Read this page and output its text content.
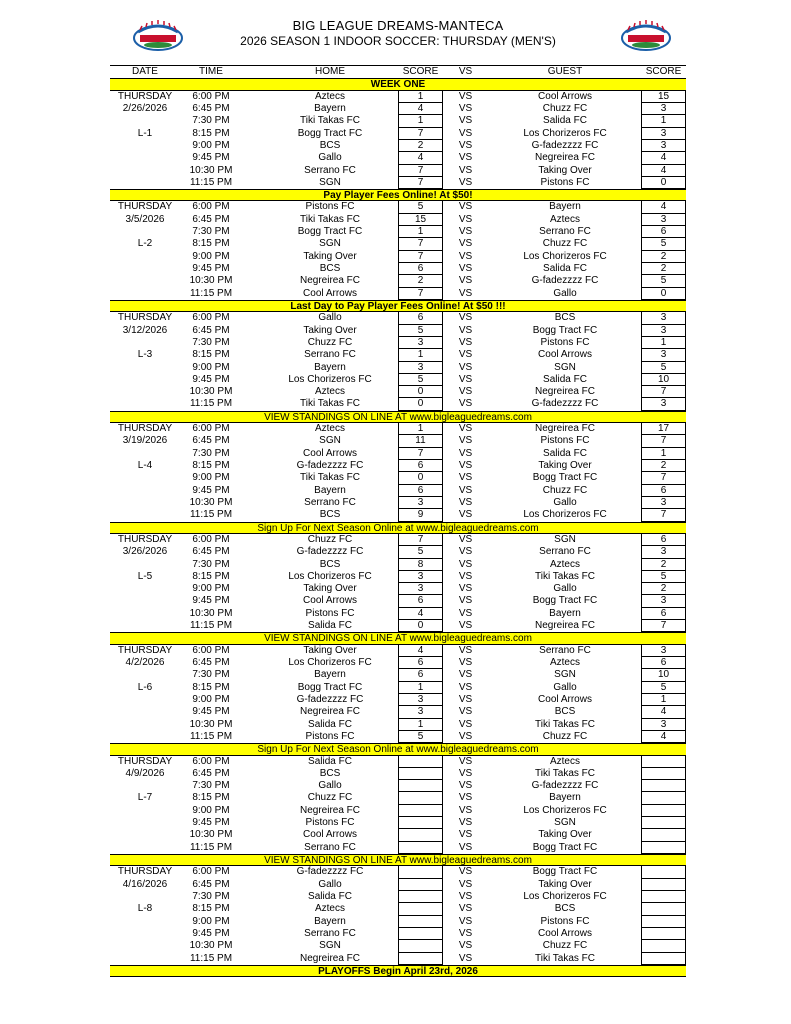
BIG LEAGUE DREAMS-MANTECA
2026 SEASON 1 INDOOR SOCCER: THURSDAY (MEN'S)
DATE	TIME	HOME	SCORE	VS	GUEST	SCORE
WEEK ONE
THURSDAY	6:00 PM	Aztecs	1	VS	Cool Arrows	15
2/26/2026	6:45 PM	Bayern	4	VS	Chuzz FC	3
7:30 PM	Tiki Takas FC	1	VS	Salida FC	1
L-1	8:15 PM	Bogg Tract FC	7	VS	Los Chorizeros FC	3
9:00 PM	BCS	2	VS	G-fadezzzz FC	3
9:45 PM	Gallo	4	VS	Negreirea FC	4
10:30 PM	Serrano FC	7	VS	Taking Over	4
11:15 PM	SGN	7	VS	Pistons FC	0
Pay Player Fees Online! At $50!
THURSDAY	6:00 PM	Pistons FC	5	VS	Bayern	4
3/5/2026	6:45 PM	Tiki Takas FC	15	VS	Aztecs	3
7:30 PM	Bogg Tract FC	1	VS	Serrano FC	6
L-2	8:15 PM	SGN	7	VS	Chuzz FC	5
9:00 PM	Taking Over	7	VS	Los Chorizeros FC	2
9:45 PM	BCS	6	VS	Salida FC	2
10:30 PM	Negreirea FC	2	VS	G-fadezzzz FC	5
11:15 PM	Cool Arrows	7	VS	Gallo	0
Last Day to Pay Player Fees Online! At $50 !!!
THURSDAY	6:00 PM	Gallo	6	VS	BCS	3
3/12/2026	6:45 PM	Taking Over	5	VS	Bogg Tract FC	3
7:30 PM	Chuzz FC	3	VS	Pistons FC	1
L-3	8:15 PM	Serrano FC	1	VS	Cool Arrows	3
9:00 PM	Bayern	3	VS	SGN	5
9:45 PM	Los Chorizeros FC	5	VS	Salida FC	10
10:30 PM	Aztecs	0	VS	Negreirea FC	7
11:15 PM	Tiki Takas FC	0	VS	G-fadezzzz FC	3
VIEW STANDINGS ON LINE AT www.bigleaguedreams.com
THURSDAY	6:00 PM	Aztecs	1	VS	Negreirea FC	17
3/19/2026	6:45 PM	SGN	11	VS	Pistons FC	7
7:30 PM	Cool Arrows	7	VS	Salida FC	1
L-4	8:15 PM	G-fadezzzz FC	6	VS	Taking Over	2
9:00 PM	Tiki Takas FC	0	VS	Bogg Tract FC	7
9:45 PM	Bayern	6	VS	Chuzz FC	6
10:30 PM	Serrano FC	3	VS	Gallo	3
11:15 PM	BCS	9	VS	Los Chorizeros FC	7
Sign Up For Next Season Online at www.bigleaguedreams.com
THURSDAY	6:00 PM	Chuzz FC	7	VS	SGN	6
3/26/2026	6:45 PM	G-fadezzzz FC	5	VS	Serrano FC	3
7:30 PM	BCS	8	VS	Aztecs	2
L-5	8:15 PM	Los Chorizeros FC	3	VS	Tiki Takas FC	5
9:00 PM	Taking Over	3	VS	Gallo	2
9:45 PM	Cool Arrows	6	VS	Bogg Tract FC	3
10:30 PM	Pistons FC	4	VS	Bayern	6
11:15 PM	Salida FC	0	VS	Negreirea FC	7
VIEW STANDINGS ON LINE AT www.bigleaguedreams.com
THURSDAY	6:00 PM	Taking Over	4	VS	Serrano FC	3
4/2/2026	6:45 PM	Los Chorizeros FC	6	VS	Aztecs	6
7:30 PM	Bayern	6	VS	SGN	10
L-6	8:15 PM	Bogg Tract FC	1	VS	Gallo	5
9:00 PM	G-fadezzzz FC	3	VS	Cool Arrows	1
9:45 PM	Negreirea FC	3	VS	BCS	4
10:30 PM	Salida FC	1	VS	Tiki Takas FC	3
11:15 PM	Pistons FC	5	VS	Chuzz FC	4
Sign Up For Next Season Online at www.bigleaguedreams.com
THURSDAY	6:00 PM	Salida FC	VS	Aztecs
4/9/2026	6:45 PM	BCS	VS	Tiki Takas FC
7:30 PM	Gallo	VS	G-fadezzzz FC
L-7	8:15 PM	Chuzz FC	VS	Bayern
9:00 PM	Negreirea FC	VS	Los Chorizeros FC
9:45 PM	Pistons FC	VS	SGN
10:30 PM	Cool Arrows	VS	Taking Over
11:15 PM	Serrano FC	VS	Bogg Tract FC
VIEW STANDINGS ON LINE AT www.bigleaguedreams.com
THURSDAY	6:00 PM	G-fadezzzz FC	VS	Bogg Tract FC
4/16/2026	6:45 PM	Gallo	VS	Taking Over
7:30 PM	Salida FC	VS	Los Chorizeros FC
L-8	8:15 PM	Aztecs	VS	BCS
9:00 PM	Bayern	VS	Pistons FC
9:45 PM	Serrano FC	VS	Cool Arrows
10:30 PM	SGN	VS	Chuzz FC
11:15 PM	Negreirea FC	VS	Tiki Takas FC
PLAYOFFS Begin April 23rd, 2026
